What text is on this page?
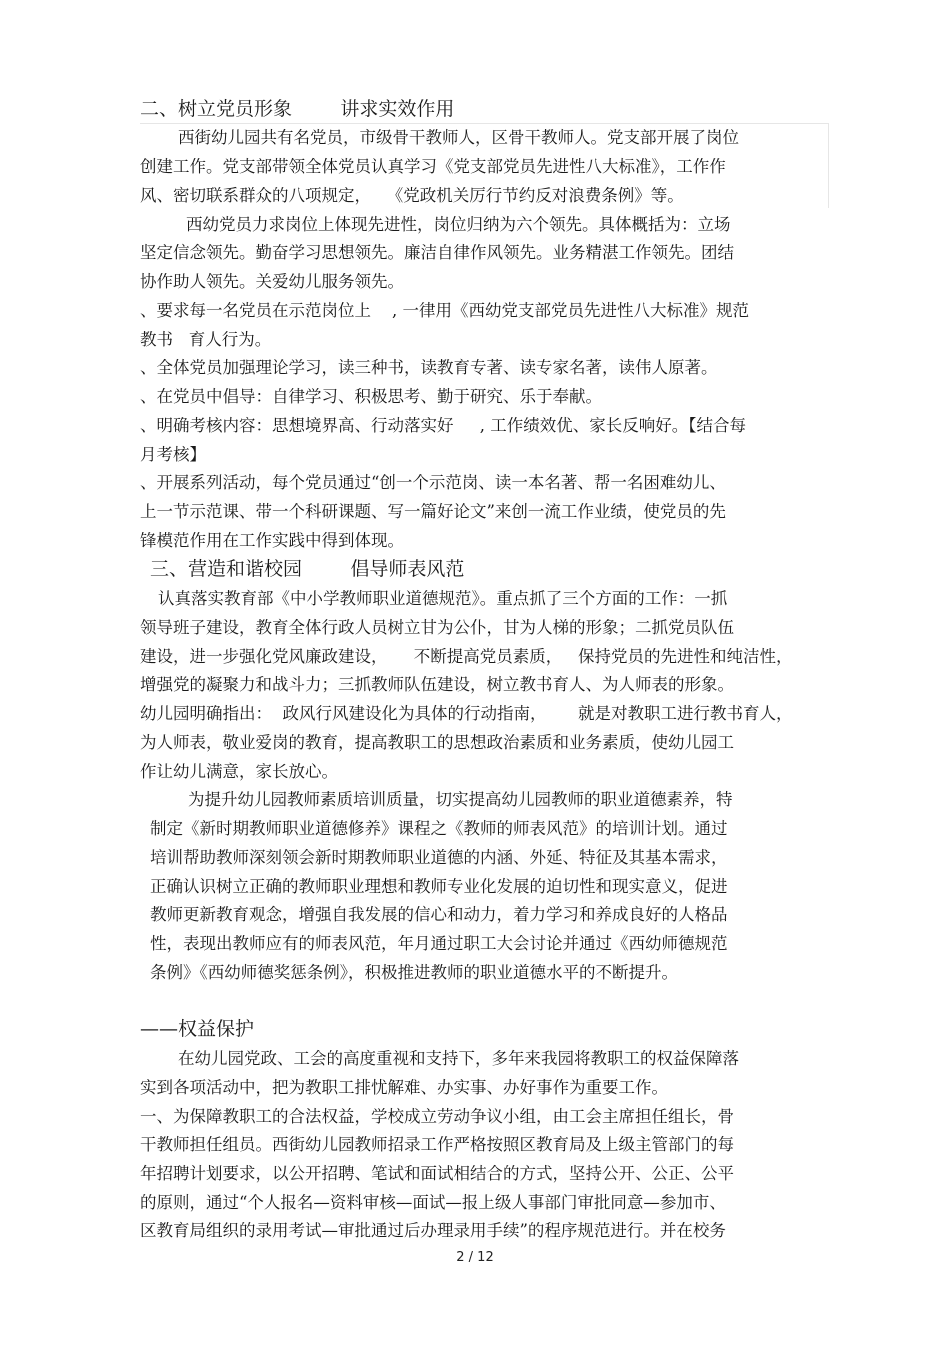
二、树立党员形象        讲求实效作用
西街幼儿园共有名党员，市级骨干教师人，区骨干教师人。党支部开展了岗位
创建工作。党支部带领全体党员认真学习《党支部党员先进性八大标准》，工作作
风、密切联系群众的八项规定，   《党政机关厉行节约反对浪费条例》等。
西幼党员力求岗位上体现先进性，岗位归纳为六个领先。具体概括为：立场
坚定信念领先。勤奋学习思想领先。廉洁自律作风领先。业务精湛工作领先。团结
协作助人领先。关爱幼儿服务领先。
、要求每一名党员在示范岗位上    , 一律用《西幼党支部党员先进性八大标准》规范
教书   育人行为。
、全体党员加强理论学习，读三种书，读教育专著、读专家名著，读伟人原著。
、在党员中倡导：自律学习、积极思考、勤于研究、乐于奉献。
、明确考核内容：思想境界高、行动落实好     , 工作绩效优、家长反响好。【结合每
月考核】
、开展系列活动，每个党员通过“创一个示范岗、读一本名著、帮一名困难幼儿、
上一节示范课、带一个科研课题、写一篇好论文”来创一流工作业绩，使党员的先
锋模范作用在工作实践中得到体现。
三、营造和谐校园        倡导师表风范
认真落实教育部《中小学教师职业道德规范》。重点抓了三个方面的工作：一抓
领导班子建设，教育全体行政人员树立甘为公仆，甘为人梯的形象；二抓党员队伍
建设，进一步强化党风廉政建设，     不断提高党员素质，   保持党员的先进性和纯洁性，
增强党的凝聚力和战斗力；三抓教师队伍建设，树立教书育人、为人师表的形象。
幼儿园明确指出：  政风行风建设化为具体的行动指南，      就是对教职工进行教书育人，
为人师表，敬业爱岗的教育，提高教职工的思想政治素质和业务素质，使幼儿园工
作让幼儿满意，家长放心。
为提升幼儿园教师素质培训质量，切实提高幼儿园教师的职业道德素养，特
制定《新时期教师职业道德修养》课程之《教师的师表风范》的培训计划。通过
培训帮助教师深刻领会新时期教师职业道德的内涵、外延、特征及其基本需求，
正确认识树立正确的教师职业理想和教师专业化发展的迫切性和现实意义，促进
教师更新教育观念，增强自我发展的信心和动力，着力学习和养成良好的人格品
性，表现出教师应有的师表风范，年月通过职工大会讨论并通过《西幼师德规范
条例》《西幼师德奖惩条例》，积极推进教师的职业道德水平的不断提升。
——权益保护
在幼儿园党政、工会的高度重视和支持下，多年来我园将教职工的权益保障落
实到各项活动中，把为教职工排忧解难、办实事、办好事作为重要工作。
一、为保障教职工的合法权益，学校成立劳动争议小组，由工会主席担任组长，骨
干教师担任组员。西街幼儿园教师招录工作严格按照区教育局及上级主管部门的每
年招聘计划要求，以公开招聘、笔试和面试相结合的方式，坚持公开、公正、公平
的原则，通过“个人报名—资料审核—面试—报上级人事部门审批同意—参加市、
区教育局组织的录用考试—审批通过后办理录用手续”的程序规范进行。并在校务
2 / 12
